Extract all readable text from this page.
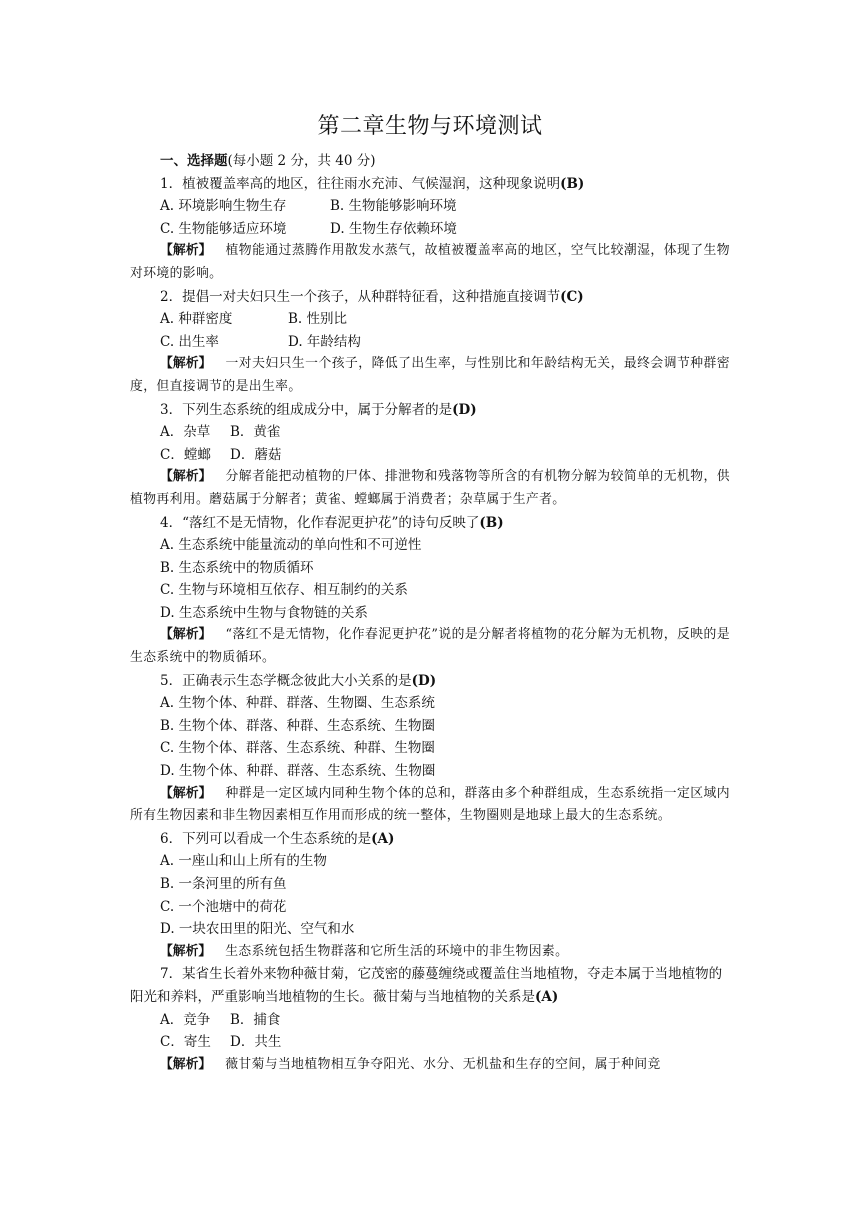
第二章生物与环境测试
一、选择题(每小题 2 分，共 40 分)
1．植被覆盖率高的地区，往往雨水充沛、气候湿润，这种现象说明(B)
A. 环境影响生物生存	B. 生物能够影响环境
C. 生物能够适应环境	D. 生物生存依赖环境
【解析】 植物能通过蒸腾作用散发水蒸气，故植被覆盖率高的地区，空气比较潮湿，体现了生物对环境的影响。
2．提倡一对夫妇只生一个孩子，从种群特征看，这种措施直接调节(C)
A. 种群密度	B. 性别比
C. 出生率	D. 年龄结构
【解析】 一对夫妇只生一个孩子，降低了出生率，与性别比和年龄结构无关，最终会调节种群密度，但直接调节的是出生率。
3．下列生态系统的组成成分中，属于分解者的是(D)
A．杂草 B．黄雀
C．螳螂 D．蘑菇
【解析】 分解者能把动植物的尸体、排泄物和残落物等所含的有机物分解为较简单的无机物，供植物再利用。蘑菇属于分解者；黄雀、螳螂属于消费者；杂草属于生产者。
4．“落红不是无情物，化作春泥更护花”的诗句反映了(B)
A. 生态系统中能量流动的单向性和不可逆性
B. 生态系统中的物质循环
C. 生物与环境相互依存、相互制约的关系
D. 生态系统中生物与食物链的关系
【解析】 “落红不是无情物，化作春泥更护花”说的是分解者将植物的花分解为无机物，反映的是生态系统中的物质循环。
5．正确表示生态学概念彼此大小关系的是(D)
A. 生物个体、种群、群落、生物圈、生态系统
B. 生物个体、群落、种群、生态系统、生物圈
C. 生物个体、群落、生态系统、种群、生物圈
D. 生物个体、种群、群落、生态系统、生物圈
【解析】 种群是一定区域内同种生物个体的总和，群落由多个种群组成，生态系统指一定区域内所有生物因素和非生物因素相互作用而形成的统一整体，生物圈则是地球上最大的生态系统。
6．下列可以看成一个生态系统的是(A)
A. 一座山和山上所有的生物
B. 一条河里的所有鱼
C. 一个池塘中的荷花
D. 一块农田里的阳光、空气和水
【解析】 生态系统包括生物群落和它所生活的环境中的非生物因素。
7．某省生长着外来物种薇甘菊，它茂密的藤蔓缠绕或覆盖住当地植物，夺走本属于当地植物的阳光和养料，严重影响当地植物的生长。薇甘菊与当地植物的关系是(A)
A．竞争 B．捕食
C．寄生 D．共生
【解析】 薇甘菊与当地植物相互争夺阳光、水分、无机盐和生存的空间，属于种间竞
